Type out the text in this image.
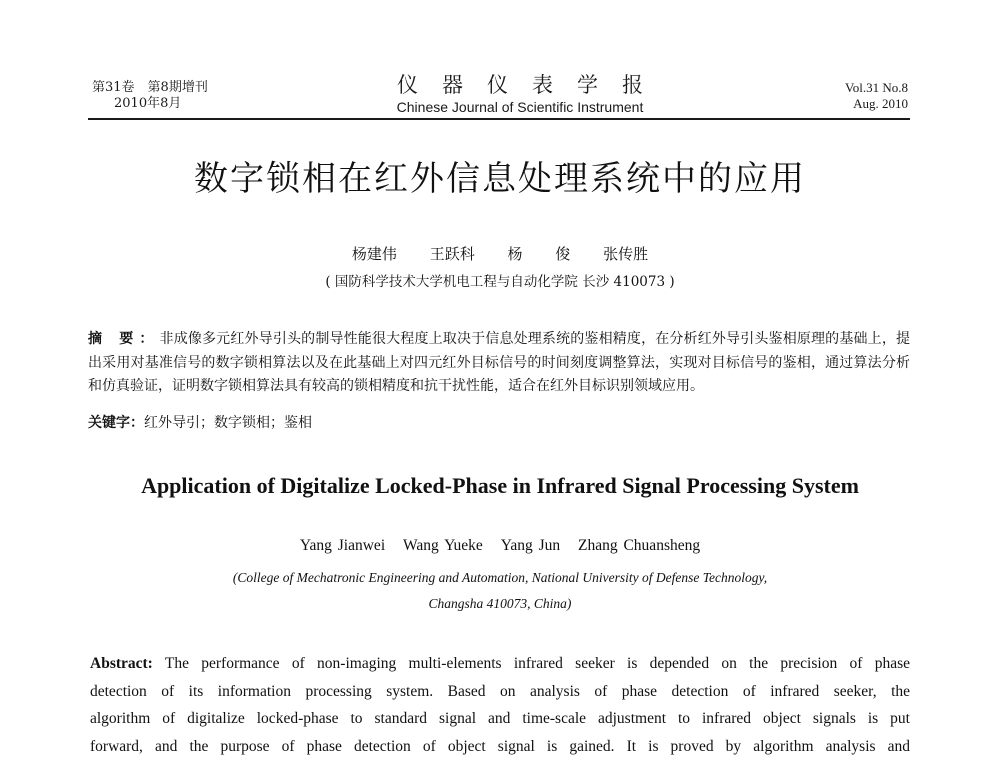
第31卷　第8期增刊
2010年8月
仪器仪表学报
Chinese Journal of Scientific Instrument
Vol.31 No.8
Aug. 2010
数字锁相在红外信息处理系统中的应用
杨建伟 王跃科 杨 俊 张传胜
( 国防科学技术大学机电工程与自动化学院 长沙 410073 )
摘 要：非成像多元红外导引头的制导性能很大程度上取决于信息处理系统的鉴相精度，在分析红外导引头鉴相原理的基础上，提出采用对基准信号的数字锁相算法以及在此基础上对四元红外目标信号的时间刻度调整算法，实现对目标信号的鉴相，通过算法分析和仿真验证，证明数字锁相算法具有较高的锁相精度和抗干扰性能，适合在红外目标识别领域应用。
关键字：红外导引；数字锁相；鉴相
Application of Digitalize Locked-Phase in Infrared Signal Processing System
Yang Jianwei Wang Yueke Yang Jun Zhang Chuansheng
(College of Mechatronic Engineering and Automation, National University of Defense Technology,
Changsha 410073, China)
Abstract: The performance of non-imaging multi-elements infrared seeker is depended on the precision of phase
detection of its information processing system. Based on analysis of phase detection of infrared seeker, the
algorithm of digitalize locked-phase to standard signal and time-scale adjustment to infrared object signals is put
forward, and the purpose of phase detection of object signal is gained. It is proved by algorithm analysis and
